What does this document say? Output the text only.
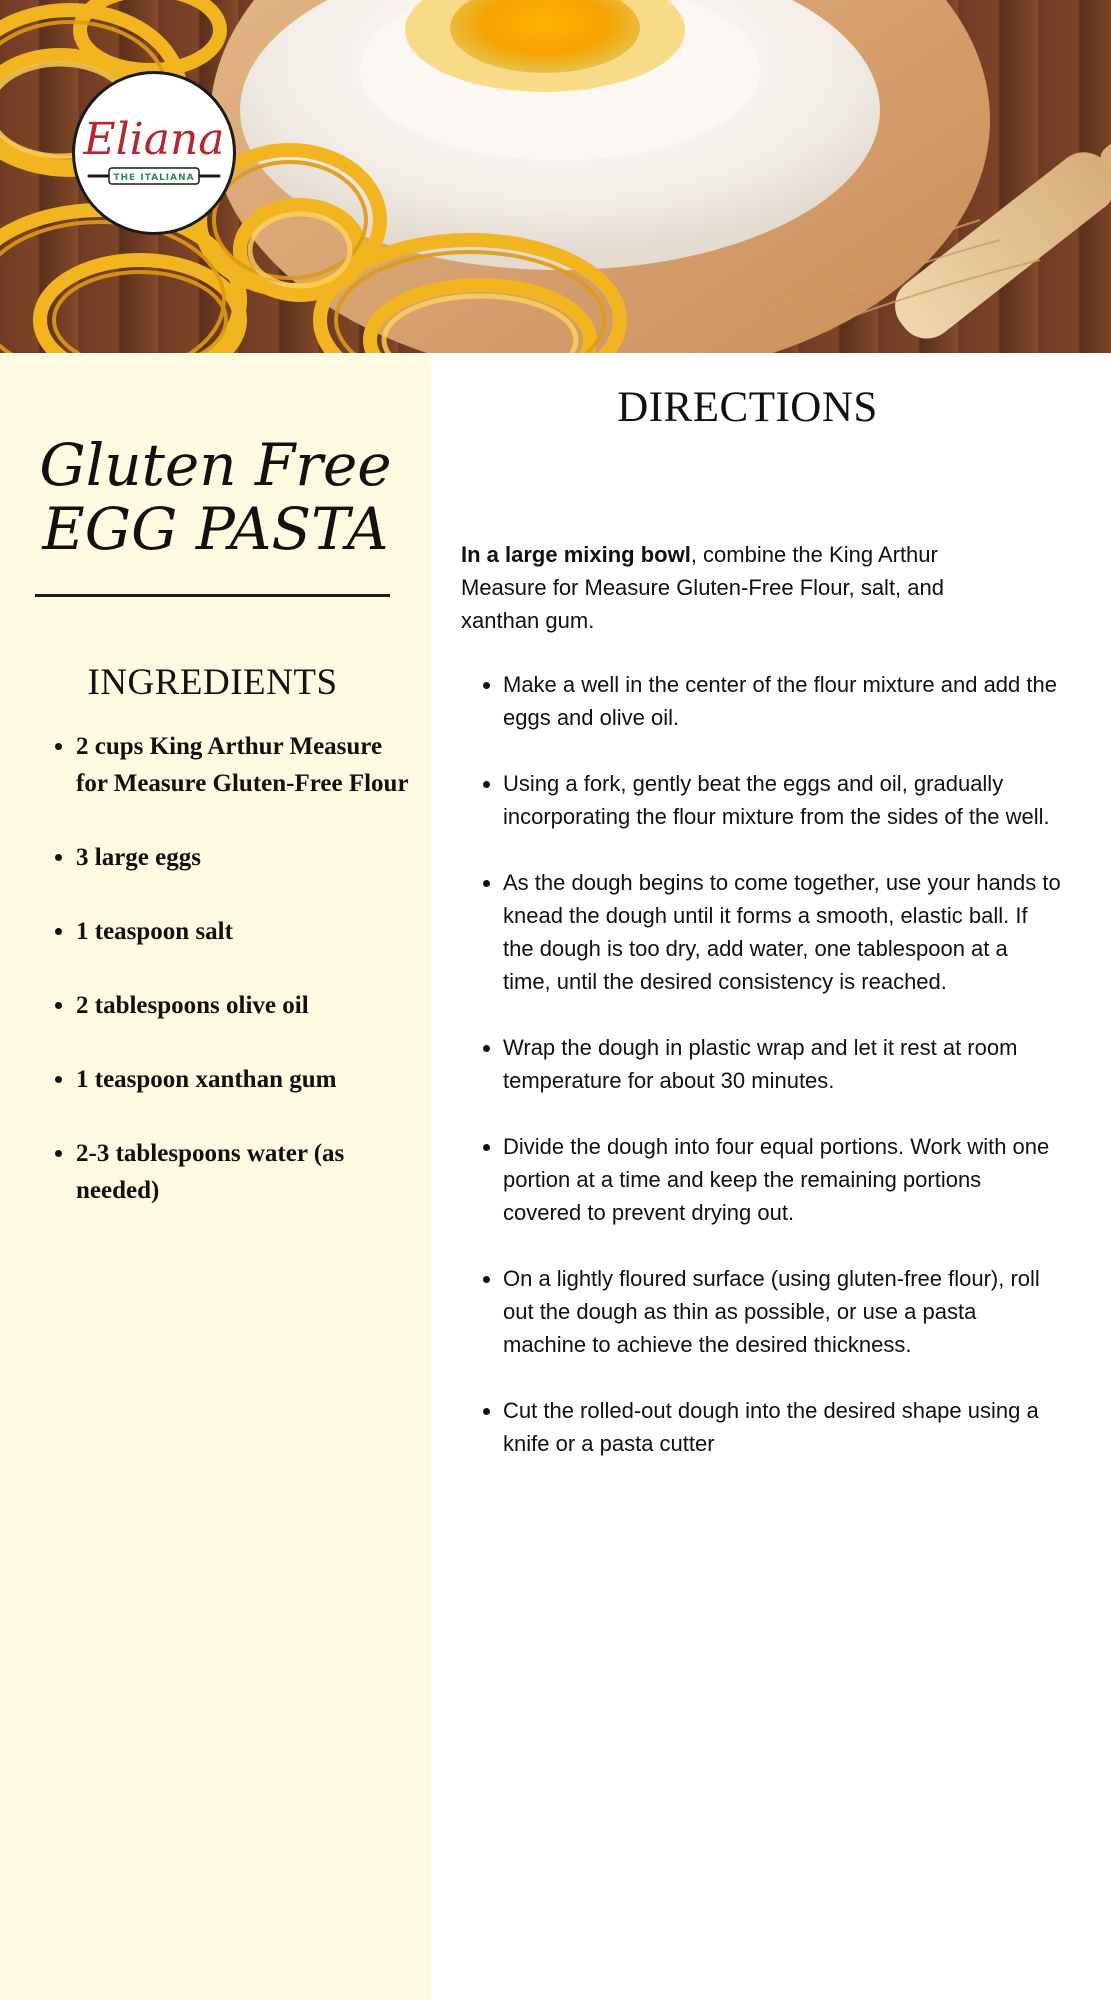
Eliana
THE ITALIANA
Gluten Free
EGG PASTA
INGREDIENTS
• 2 cups King Arthur Measure for Measure Gluten-Free Flour
• 3 large eggs
• 1 teaspoon salt
• 2 tablespoons olive oil
• 1 teaspoon xanthan gum
• 2-3 tablespoons water (as needed)
DIRECTIONS

In a large mixing bowl, combine the King Arthur Measure for Measure Gluten-Free Flour, salt, and xanthan gum.

• Make a well in the center of the flour mixture and add the eggs and olive oil.
• Using a fork, gently beat the eggs and oil, gradually incorporating the flour mixture from the sides of the well.
• As the dough begins to come together, use your hands to knead the dough until it forms a smooth, elastic ball. If the dough is too dry, add water, one tablespoon at a time, until the desired consistency is reached.
• Wrap the dough in plastic wrap and let it rest at room temperature for about 30 minutes.
• Divide the dough into four equal portions. Work with one portion at a time and keep the remaining portions covered to prevent drying out.
• On a lightly floured surface (using gluten-free flour), roll out the dough as thin as possible, or use a pasta machine to achieve the desired thickness.
• Cut the rolled-out dough into the desired shape using a knife or a pasta cutter
